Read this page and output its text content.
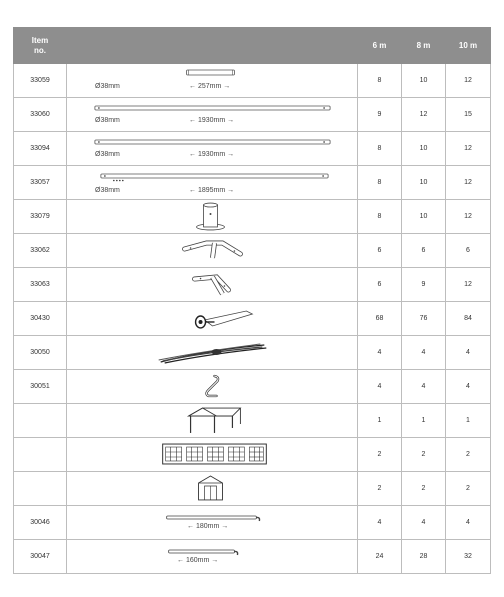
Item
no.		6 m	8 m	10 m
33059	Ø38mm ← 257mm →	8	10	12
33060	Ø38mm ← 1930mm →	9	12	15
33094	Ø38mm ← 1930mm →	8	10	12
33057	Ø38mm ← 1895mm →	8	10	12
33079		8	10	12
33062		6	6	6
33063		6	9	12
30430		68	76	84
30050		4	4	4
30051		4	4	4

	1	1	1

	2	2	2

	2	2	2
30046	← 180mm →	4	4	4
30047	← 160mm →	24	28	32
